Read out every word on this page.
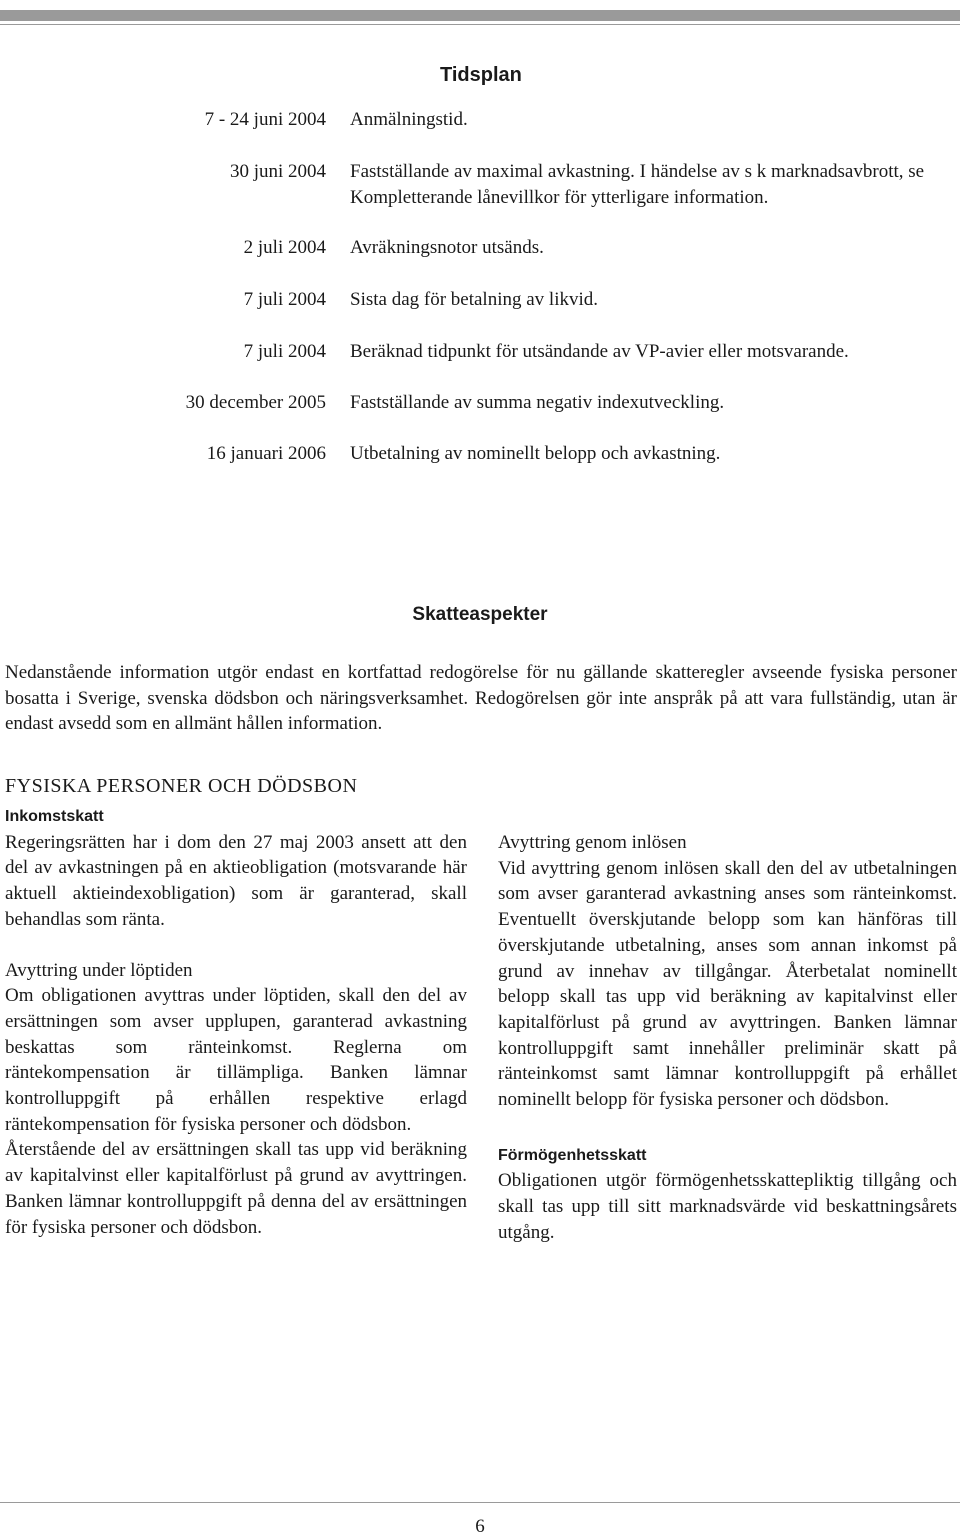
Tidsplan
7 - 24 juni 2004 Anmälningstid.
30 juni 2004 Fastställande av maximal avkastning. I händelse av s k marknadsavbrott, se Kompletterande lånevillkor för ytterligare information.
2 juli 2004 Avräkningsnotor utsänds.
7 juli 2004 Sista dag för betalning av likvid.
7 juli 2004 Beräknad tidpunkt för utsändande av VP-avier eller motsvarande.
30 december 2005 Fastställande av summa negativ indexutveckling.
16 januari 2006 Utbetalning av nominellt belopp och avkastning.
Skatteaspekter
Nedanstående information utgör endast en kortfattad redogörelse för nu gällande skatteregler avseende fysiska personer bosatta i Sverige, svenska dödsbon och näringsverksamhet. Redogörelsen gör inte anspråk på att vara fullständig, utan är endast avsedd som en allmänt hållen information.
FYSISKA PERSONER OCH DÖDSBON
Inkomstskatt

Regeringsrätten har i dom den 27 maj 2003 ansett att den del av avkastningen på en aktieobligation (motsvarande här aktuell aktieindexobligation) som är garanterad, skall behandlas som ränta.

Avyttring under löptiden

Om obligationen avyttras under löptiden, skall den del av ersättningen som avser upplupen, garanterad avkastning beskattas som ränteinkomst. Reglerna om räntekompensation är tillämpliga. Banken lämnar kontrolluppgift på erhållen respektive erlagd räntekompensation för fysiska personer och dödsbon.

Återstående del av ersättningen skall tas upp vid beräkning av kapitalvinst eller kapitalförlust på grund av avyttringen. Banken lämnar kontrolluppgift på denna del av ersättningen för fysiska personer och dödsbon.

Avyttring genom inlösen

Vid avyttring genom inlösen skall den del av utbetalningen som avser garanterad avkastning anses som ränteinkomst. Eventuellt överskjutande belopp som kan hänföras till överskjutande utbetalning, anses som annan inkomst på grund av innehav av tillgångar. Återbetalat nominellt belopp skall tas upp vid beräkning av kapitalvinst eller kapitalförlust på grund av avyttringen. Banken lämnar kontrolluppgift samt innehåller preliminär skatt på ränteinkomst samt lämnar kontrolluppgift på erhållet nominellt belopp för fysiska personer och dödsbon.

Förmögenhetsskatt

Obligationen utgör förmögenhetsskattepliktig tillgång och skall tas upp till sitt marknadsvärde vid beskattningsårets utgång.

6
